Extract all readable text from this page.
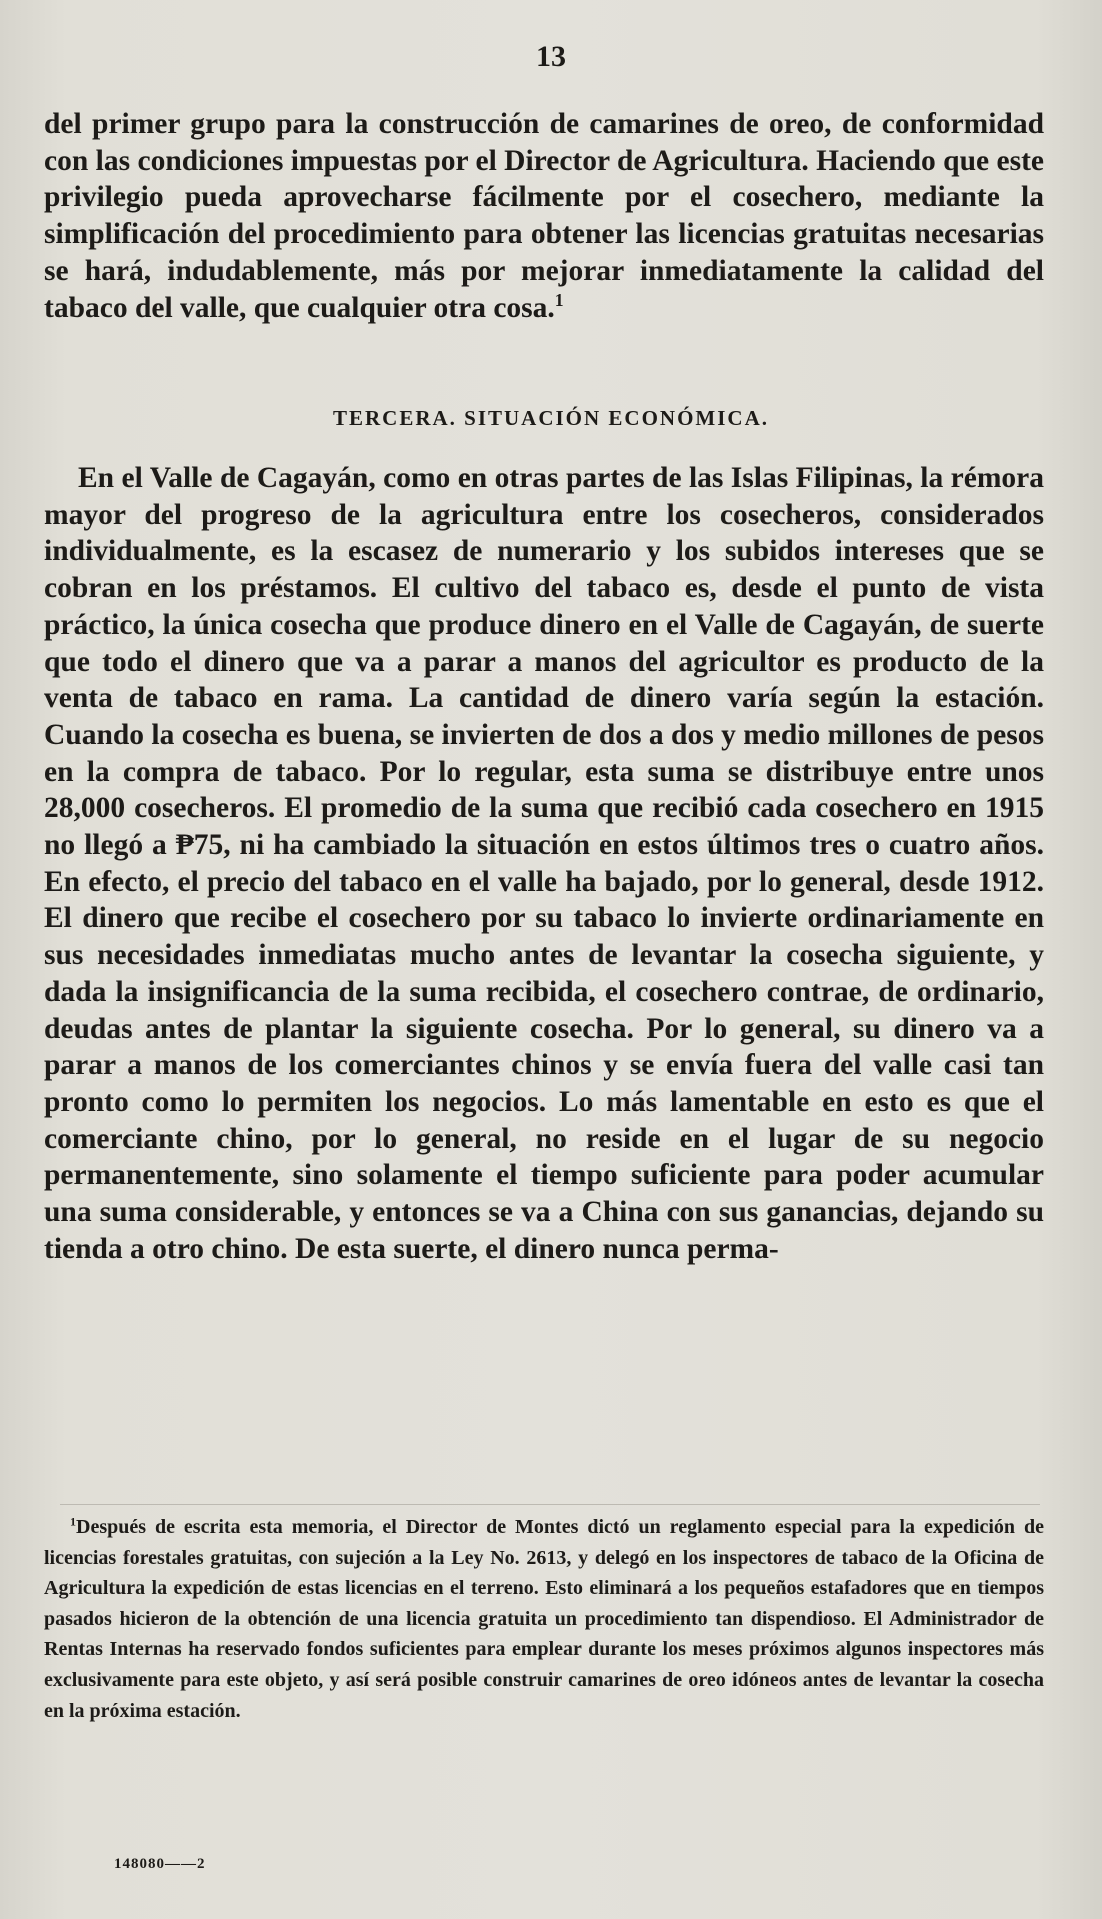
13

del primer grupo para la construcción de camarines de oreo, de conformidad con las condiciones impuestas por el Director de Agricultura. Haciendo que este privilegio pueda aprovecharse fácilmente por el cosechero, mediante la simplificación del procedimiento para obtener las licencias gratuitas necesarias se hará, indudablemente, más por mejorar inmediatamente la calidad del tabaco del valle, que cualquier otra cosa.$^1$

TERCERA. SITUACIÓN ECONÓMICA.

En el Valle de Cagayán, como en otras partes de las Islas Filipinas, la rémora mayor del progreso de la agricultura entre los cosecheros, considerados individualmente, es la escasez de numerario y los subidos intereses que se cobran en los préstamos. El cultivo del tabaco es, desde el punto de vista práctico, la única cosecha que produce dinero en el Valle de Cagayán, de suerte que todo el dinero que va a parar a manos del agricultor es producto de la venta de tabaco en rama. La cantidad de dinero varía según la estación. Cuando la cosecha es buena, se invierten de dos a dos y medio millones de pesos en la compra de tabaco. Por lo regular, esta suma se distribuye entre unos 28,000 cosecheros. El promedio de la suma que recibió cada cosechero en 1915 no llegó a ₱75, ni ha cambiado la situación en estos últimos tres o cuatro años. En efecto, el precio del tabaco en el valle ha bajado, por lo general, desde 1912. El dinero que recibe el cosechero por su tabaco lo invierte ordinariamente en sus necesidades inmediatas mucho antes de levantar la cosecha siguiente, y dada la insignificancia de la suma recibida, el cosechero contrae, de ordinario, deudas antes de plantar la siguiente cosecha. Por lo general, su dinero va a parar a manos de los comerciantes chinos y se envía fuera del valle casi tan pronto como lo permiten los negocios. Lo más lamentable en esto es que el comerciante chino, por lo general, no reside en el lugar de su negocio permanentemente, sino solamente el tiempo suficiente para poder acumular una suma considerable, y entonces se va a China con sus ganancias, dejando su tienda a otro chino. De esta suerte, el dinero nunca perma-

$^1$Después de escrita esta memoria, el Director de Montes dictó un reglamento especial para la expedición de licencias forestales gratuitas, con sujeción a la Ley No. 2613, y delegó en los inspectores de tabaco de la Oficina de Agricultura la expedición de estas licencias en el terreno. Esto eliminará a los pequeños estafadores que en tiempos pasados hicieron de la obtención de una licencia gratuita un procedimiento tan dispendioso. El Administrador de Rentas Internas ha reservado fondos suficientes para emplear durante los meses próximos algunos inspectores más exclusivamente para este objeto, y así será posible construir camarines de oreo idóneos antes de levantar la cosecha en la próxima estación.

148080——2
